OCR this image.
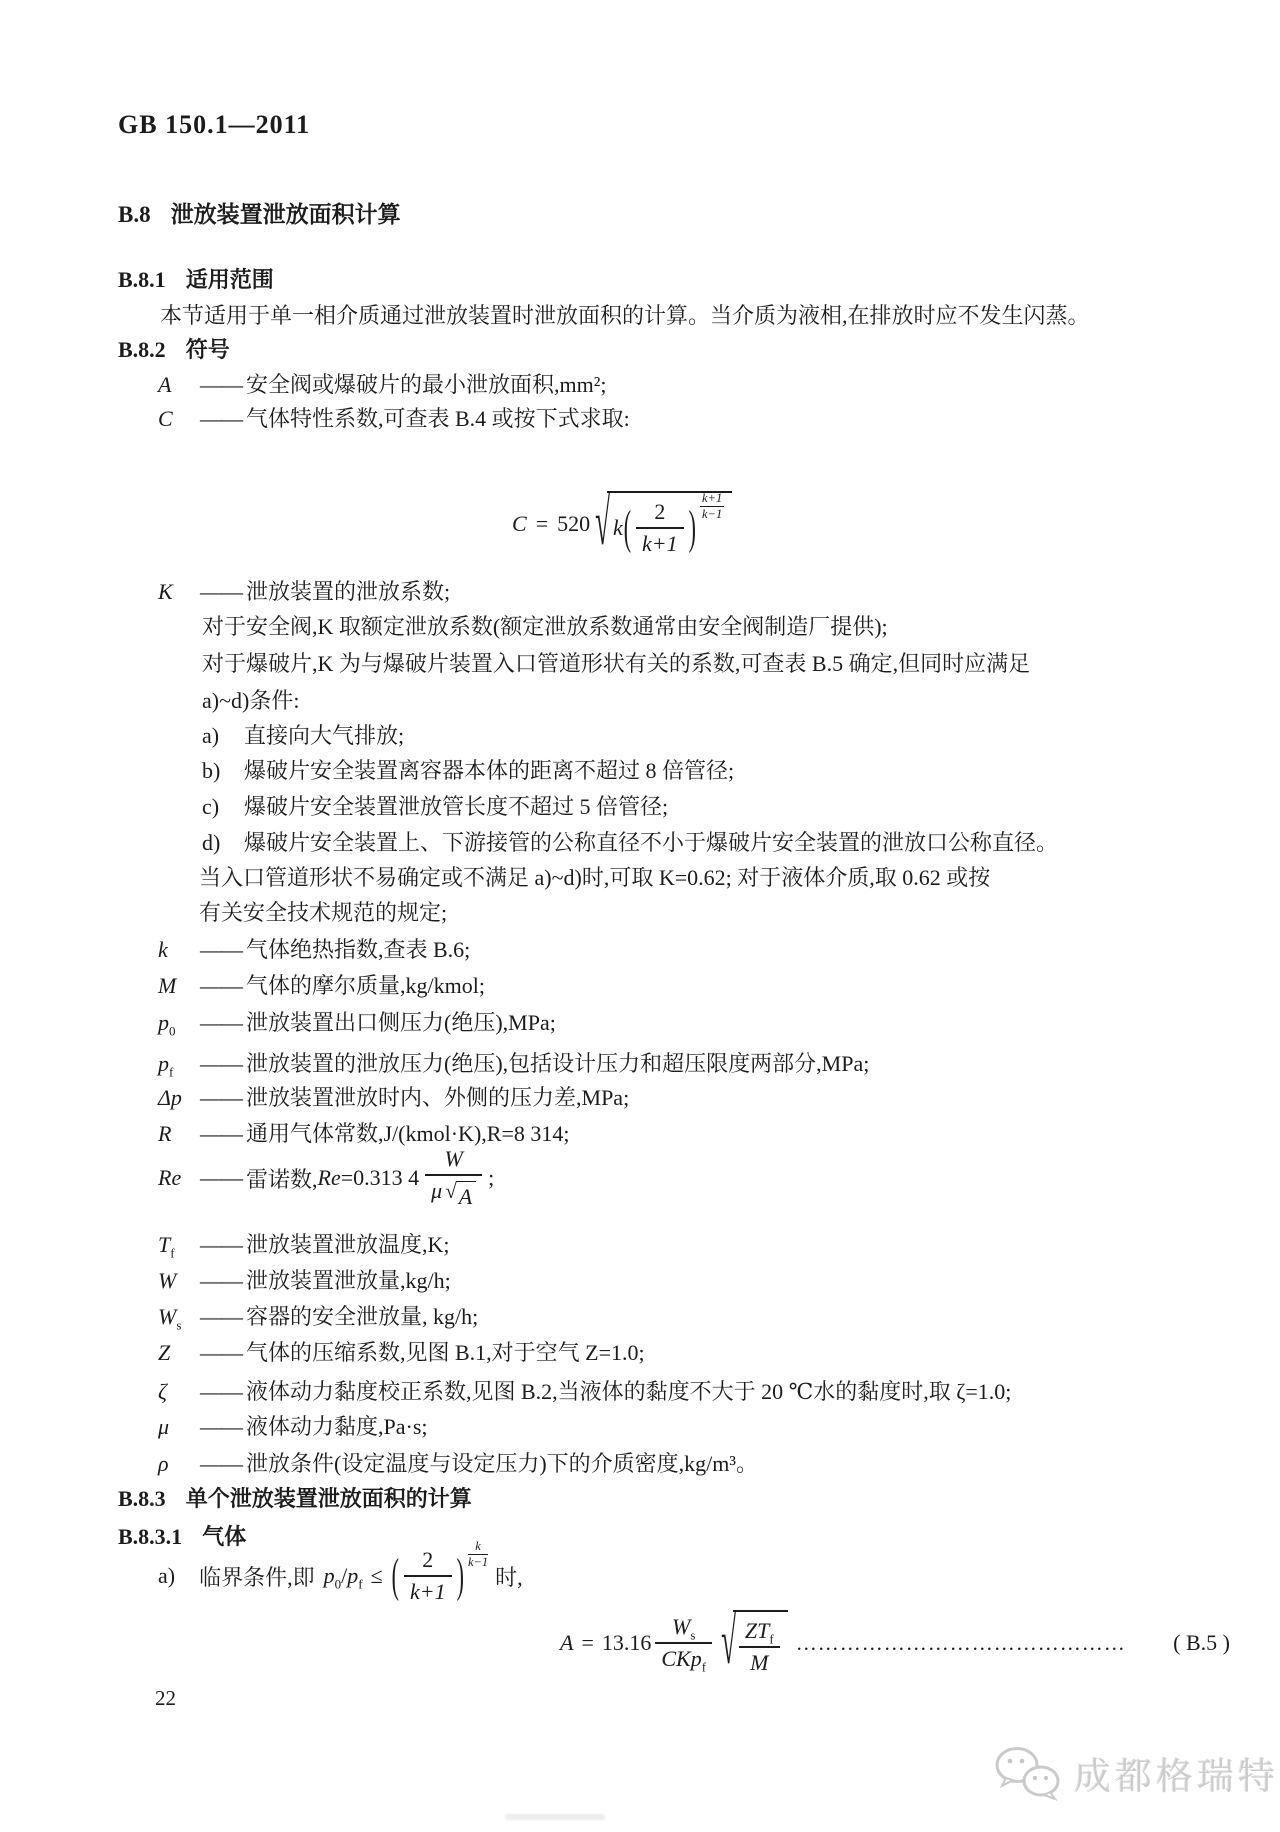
GB 150.1—2011
B.8 泄放装置泄放面积计算
B.8.1 适用范围
本节适用于单一相介质通过泄放装置时泄放面积的计算。当介质为液相,在排放时应不发生闪蒸。
B.8.2 符号
A —— 安全阀或爆破片的最小泄放面积,mm²;
C —— 气体特性系数,可查表 B.4 或按下式求取:
C = 520 √ k ( $\frac{2}{k+1}$ )
k+1
k−1
K —— 泄放装置的泄放系数;
对于安全阀,K 取额定泄放系数(额定泄放系数通常由安全阀制造厂提供);
对于爆破片,K 为与爆破片装置入口管道形状有关的系数,可查表 B.5 确定,但同时应满足
a)~d)条件:
a) 直接向大气排放;
b) 爆破片安全装置离容器本体的距离不超过 8 倍管径;
c) 爆破片安全装置泄放管长度不超过 5 倍管径;
d) 爆破片安全装置上、下游接管的公称直径不小于爆破片安全装置的泄放口公称直径。
当入口管道形状不易确定或不满足 a)~d)时,可取 K=0.62; 对于液体介质,取 0.62 或按
有关安全技术规范的规定;
k —— 气体绝热指数,查表 B.6;
M —— 气体的摩尔质量,kg/kmol;
$p_0$ —— 泄放装置出口侧压力(绝压),MPa;
$p_f$ —— 泄放装置的泄放压力(绝压),包括设计压力和超压限度两部分,MPa;
Δp —— 泄放装置泄放时内、外侧的压力差,MPa;
R —— 通用气体常数,J/(kmol·K),R=8 314;
Re —— 雷诺数, Re =0.313 $4 \frac{W}{\mu √ A}$ ;
$T_f$ —— 泄放装置泄放温度,K;
W —— 泄放装置泄放量,kg/h;
$W_s$ —— 容器的安全泄放量, kg/h;
Z —— 气体的压缩系数,见图 B.1,对于空气 Z=1.0;
ζ —— 液体动力黏度校正系数,见图 B.2,当液体的黏度不大于 20 ℃水的黏度时,取 ζ=1.0;
μ —— 液体动力黏度,Pa·s;
ρ —— 泄放条件(设定温度与设定压力)下的介质密度,kg/m³。
B.8.3 单个泄放装置泄放面积的计算
B.8.3.1 气体
a) 临界条件,即 $p_0/p_f$ ≤ ( $\frac{2}{k+1}$ )
k
k−1
时,
$A = 13.16 \frac{W_s}{CKp_f}$ √ $\frac{ZT_f}{M}$ ………………………………………	( B.5 )
22
成都格瑞特
